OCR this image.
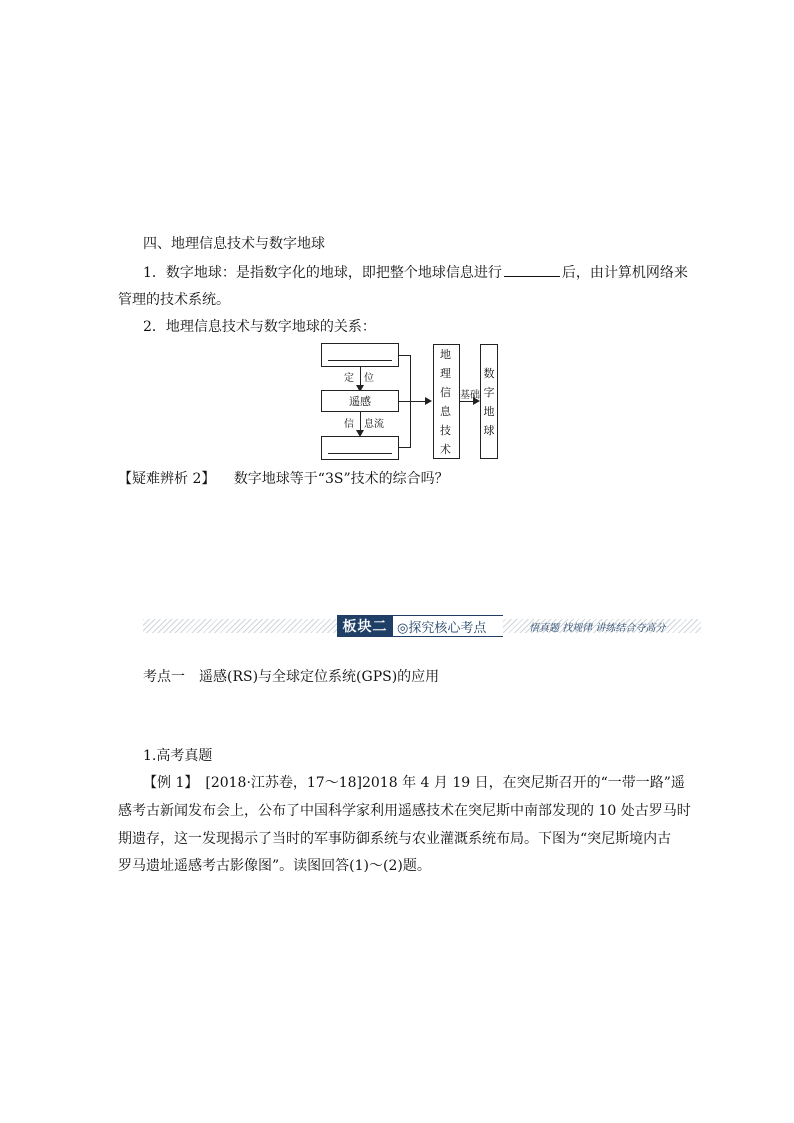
四、地理信息技术与数字地球
1．数字地球：是指数字化的地球，即把整个地球信息进行	后，由计算机网络来
管理的技术系统。
2．地理信息技术与数字地球的关系：
定　位
遥感
信　息流
地理信息技术
基础
数字地球
【疑难辨析 2】 数字地球等于“3S”技术的综合吗？
板块二 ◎探究核心考点	悟真题 找规律 讲练结合夺高分
考点一　遥感(RS)与全球定位系统(GPS)的应用
1.高考真题
【例 1】　[2018·江苏卷，17～18]2018 年 4 月 19 日，在突尼斯召开的“一带一路”遥
感考古新闻发布会上，公布了中国科学家利用遥感技术在突尼斯中南部发现的 10 处古罗马时
期遗存，这一发现揭示了当时的军事防御系统与农业灌溉系统布局。下图为“突尼斯境内古
罗马遗址遥感考古影像图”。读图回答(1)～(2)题。
